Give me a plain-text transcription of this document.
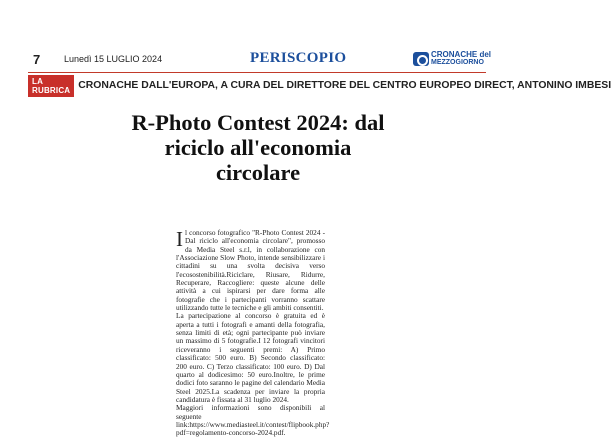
7	Lunedì 15 LUGLIO 2024	PERISCOPIO	CRONACHE del
MEZZOGIORNO
LA RUBRICA CRONACHE DALL'EUROPA, A CURA DEL DIRETTORE DEL CENTRO EUROPEO DIRECT, ANTONINO IMBESI
R-Photo Contest 2024: dal riciclo all'economia circolare
I l concorso fotografico "R-Photo Contest 2024 - Dal riciclo all'economia circolare", promosso da Media Steel s.r.l, in collaborazione con l'Associazione Slow Photo, intende sensibilizzare i cittadini su una svolta decisiva verso l'ecosostenibilità.Riciclare, Riusare, Ridurre, Recuperare, Raccogliere: queste alcune delle attività a cui ispirarsi per dare forma alle fotografie che i partecipanti vorranno scattare utilizzando tutte le tecniche e gli ambiti consentiti.

La partecipazione al concorso è gratuita ed è aperta a tutti i fotografi e amanti della fotografia, senza limiti di età; ogni partecipante può inviare un massimo di 5 fotografie.I 12 fotografi vincitori riceveranno i seguenti premi: A) Primo classificato: 500 euro. B) Secondo classificato: 200 euro. C) Terzo classificato: 100 euro. D) Dal quarto al dodicesimo: 50 euro.Inoltre, le prime dodici foto saranno le pagine del calendario Media Steel 2025.La scadenza per inviare la propria candidatura è fissata al 31 luglio 2024.

Maggiori informazioni sono disponibili al seguente link:https://www.mediasteel.it/contest/flipbook.php?pdf=regolamento-concorso-2024.pdf.
